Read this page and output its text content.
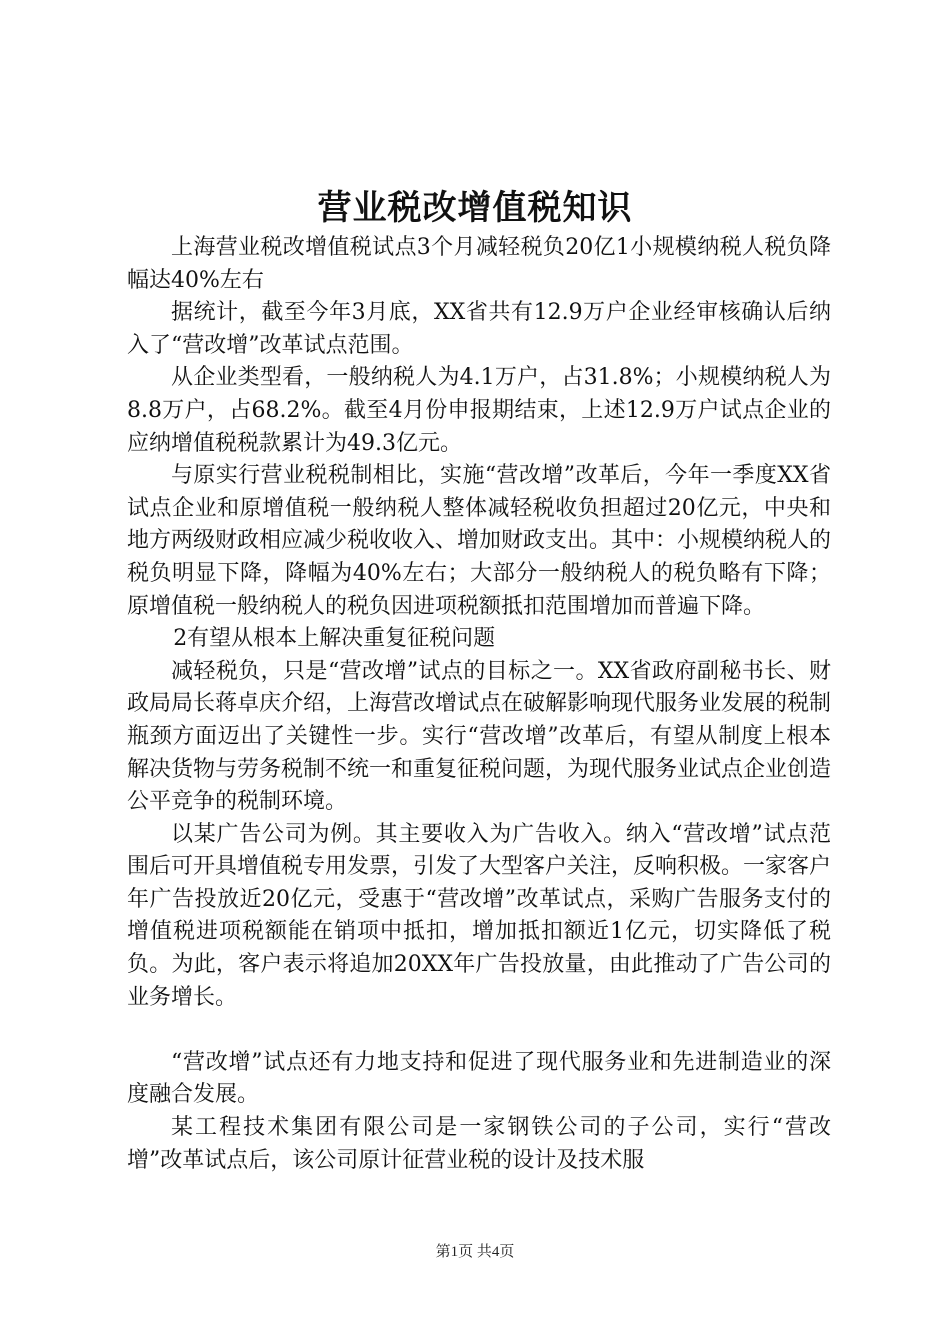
营业税改增值税知识

上海营业税改增值税试点3个月减轻税负20亿1小规模纳税人税负降幅达40%左右

据统计，截至今年3月底，XX省共有12.9万户企业经审核确认后纳入了“营改增”改革试点范围。

从企业类型看，一般纳税人为4.1万户，占31.8%；小规模纳税人为8.8万户，占68.2%。截至4月份申报期结束，上述12.9万户试点企业的应纳增值税税款累计为49.3亿元。

与原实行营业税税制相比，实施“营改增”改革后，今年一季度XX省试点企业和原增值税一般纳税人整体减轻税收负担超过20亿元，中央和地方两级财政相应减少税收收入、增加财政支出。其中：小规模纳税人的税负明显下降，降幅为40%左右；大部分一般纳税人的税负略有下降；原增值税一般纳税人的税负因进项税额抵扣范围增加而普遍下降。

2有望从根本上解决重复征税问题

减轻税负，只是“营改增”试点的目标之一。XX省政府副秘书长、财政局局长蒋卓庆介绍，上海营改增试点在破解影响现代服务业发展的税制瓶颈方面迈出了关键性一步。实行“营改增”改革后，有望从制度上根本解决货物与劳务税制不统一和重复征税问题，为现代服务业试点企业创造公平竞争的税制环境。

以某广告公司为例。其主要收入为广告收入。纳入“营改增”试点范围后可开具增值税专用发票，引发了大型客户关注，反响积极。一家客户年广告投放近20亿元，受惠于“营改增”改革试点，采购广告服务支付的增值税进项税额能在销项中抵扣，增加抵扣额近1亿元，切实降低了税负。为此，客户表示将追加20XX年广告投放量，由此推动了广告公司的业务增长。

“营改增”试点还有力地支持和促进了现代服务业和先进制造业的深度融合发展。

某工程技术集团有限公司是一家钢铁公司的子公司，实行“营改增”改革试点后，该公司原计征营业税的设计及技术服

第1页 共4页
